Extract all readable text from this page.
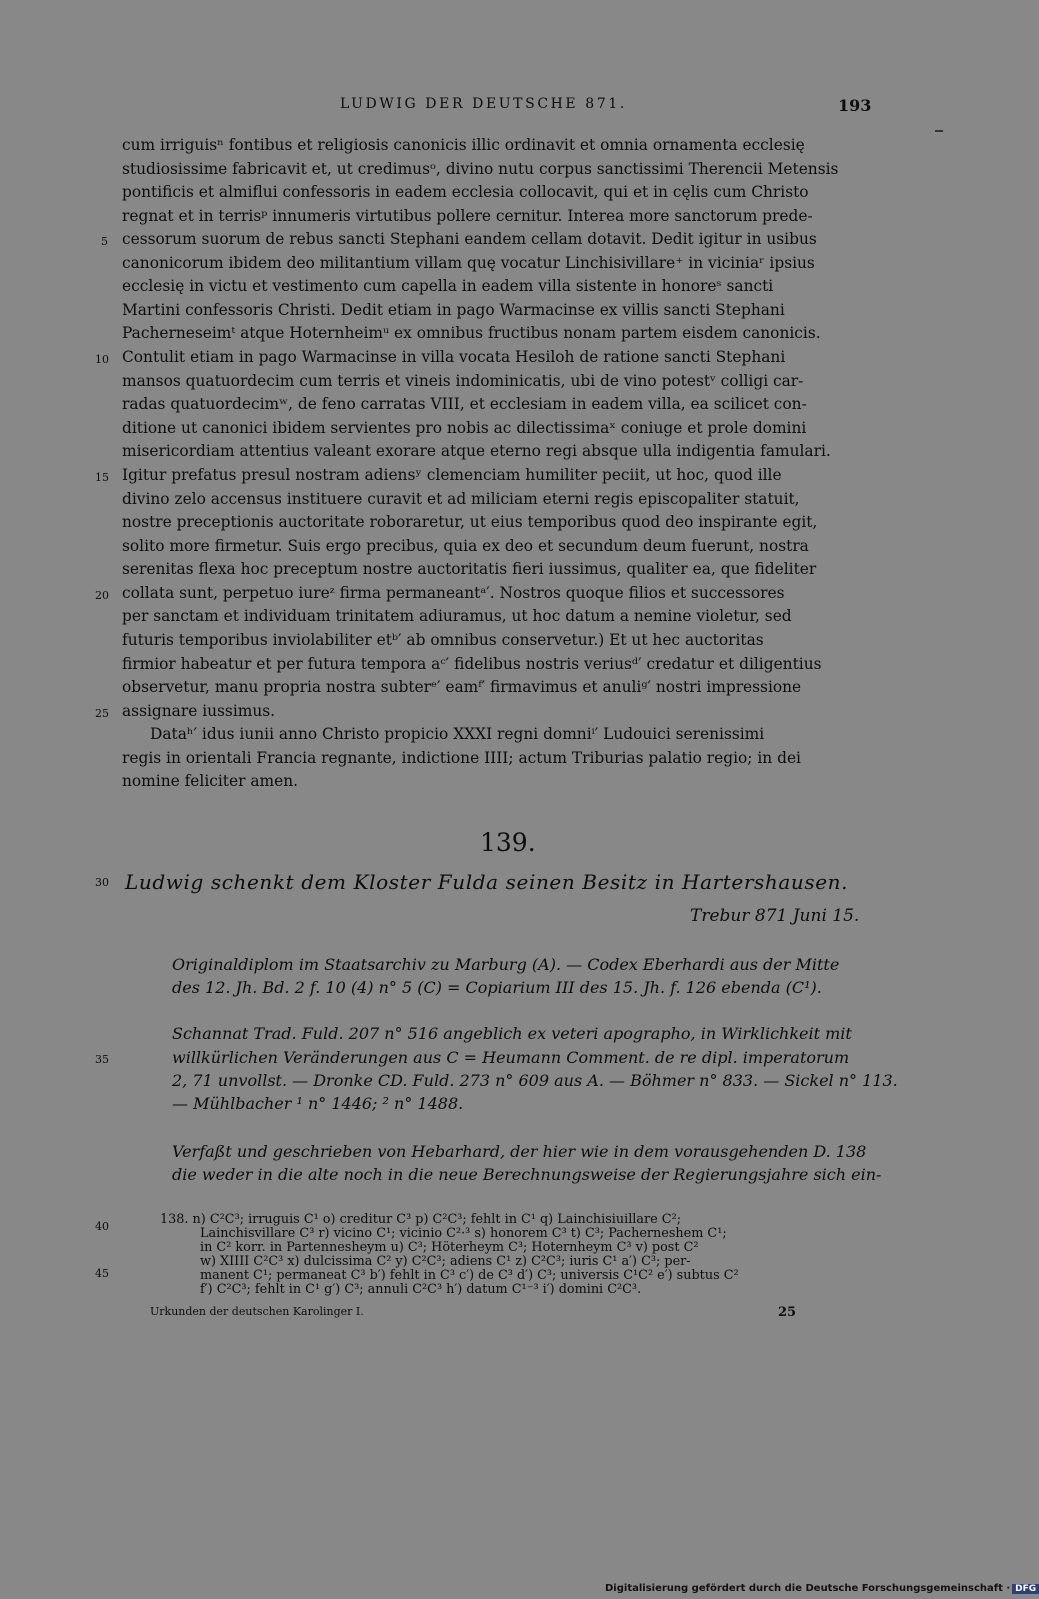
LUDWIG DER DEUTSCHE 871.	193
cum irriguisⁿ fontibus et religiosis canonicis illic ordinavit et omnia ornamenta ecclesię
studiosissime fabricavit et, ut credimusᵒ, divino nutu corpus sanctissimi Therencii Metensis
pontificis et almiflui confessoris in eadem ecclesia collocavit, qui et in cęlis cum Christo
regnat et in terrisᵖ innumeris virtutibus pollere cernitur. Interea more sanctorum prede-
cessorum suorum de rebus sancti Stephani eandem cellam dotavit. Dedit igitur in usibus
canonicorum ibidem deo militantium villam quę vocatur Linchisivillare⁺ in viciniaʳ ipsius
ecclesię in victu et vestimento cum capella in eadem villa sistente in honoreˢ sancti
Martini confessoris Christi. Dedit etiam in pago Warmacinse ex villis sancti Stephani
Pacherneseimᵗ atque Hoternheimᵘ ex omnibus fructibus nonam partem eisdem canonicis.
Contulit etiam in pago Warmacinse in villa vocata Hesiloh de ratione sancti Stephani
mansos quatuordecim cum terris et vineis indominicatis, ubi de vino potestᵛ colligi car-
radas quatuordecimʷ, de feno carratas VIII, et ecclesiam in eadem villa, ea scilicet con-
ditione ut canonici ibidem servientes pro nobis ac dilectissimaˣ coniuge et prole domini
misericordiam attentius valeant exorare atque eterno regi absque ulla indigentia famulari.
Igitur prefatus presul nostram adiensʸ clemenciam humiliter peciit, ut hoc, quod ille
divino zelo accensus instituere curavit et ad miliciam eterni regis episcopaliter statuit,
nostre preceptionis auctoritate roboraretur, ut eius temporibus quod deo inspirante egit,
solito more firmetur. Suis ergo precibus, quia ex deo et secundum deum fuerunt, nostra
serenitas flexa hoc preceptum nostre auctoritatis fieri iussimus, qualiter ea, que fideliter
collata sunt, perpetuo iureᶻ firma permaneantᵃ′. Nostros quoque filios et successores
per sanctam et individuam trinitatem adiuramus, ut hoc datum a nemine violetur, sed
futuris temporibus inviolabiliter etᵇ′ ab omnibus conservetur.) Et ut hec auctoritas
firmior habeatur et per futura tempora aᶜ′ fidelibus nostris veriusᵈ′ credatur et diligentius
observetur, manu propria nostra subterᵉ′ eamᶠ′ firmavimus et anuliᵍ′ nostri impressione
assignare iussimus.
Dataʰ′ idus iunii anno Christo propicio XXXI regni domniⁱ′ Ludouici serenissimi
regis in orientali Francia regnante, indictione IIII; actum Triburias palatio regio; in dei
nomine feliciter amen.
5
10
15
20
25
30
35
40
45
139.
Ludwig schenkt dem Kloster Fulda seinen Besitz in Hartershausen.
Trebur 871 Juni 15.
Originaldiplom im Staatsarchiv zu Marburg (A). — Codex Eberhardi aus der Mitte
des 12. Jh. Bd. 2 f. 10 (4) n° 5 (C) = Copiarium III des 15. Jh. f. 126 ebenda (C¹).
Schannat Trad. Fuld. 207 n° 516 angeblich ex veteri apographo, in Wirklichkeit mit
willkürlichen Veränderungen aus C = Heumann Comment. de re dipl. imperatorum
2, 71 unvollst. — Dronke CD. Fuld. 273 n° 609 aus A. — Böhmer n° 833. — Sickel n° 113.
— Mühlbacher ¹ n° 1446; ² n° 1488.
Verfaßt und geschrieben von Hebarhard, der hier wie in dem vorausgehenden D. 138
die weder in die alte noch in die neue Berechnungsweise der Regierungsjahre sich ein-
138. n) C²C³; irruguis C¹ o) creditur C³ p) C²C³; fehlt in C¹ q) Lainchisiuillare C²;
Lainchisvillare C³ r) vicino C¹; vicinio C²·³ s) honorem C³ t) C³; Pacherneshem C¹;
in C² korr. in Partennesheym u) C³; Höterheym C³; Hoternheym C³ v) post C²
w) XIIII C²C³ x) dulcissima C² y) C²C³; adiens C¹ z) C²C³; iuris C¹ a′) C³; per-
manent C¹; permaneat C³ b′) fehlt in C³ c′) de C³ d′) C³; universis C¹C² e′) subtus C²
f′) C²C³; fehlt in C¹ g′) C³; annuli C²C³ h′) datum C¹⁻³ i′) domini C²C³.
Urkunden der deutschen Karolinger I.	25
Digitalisierung gefördert durch die Deutsche Forschungsgemeinschaft · DFG
